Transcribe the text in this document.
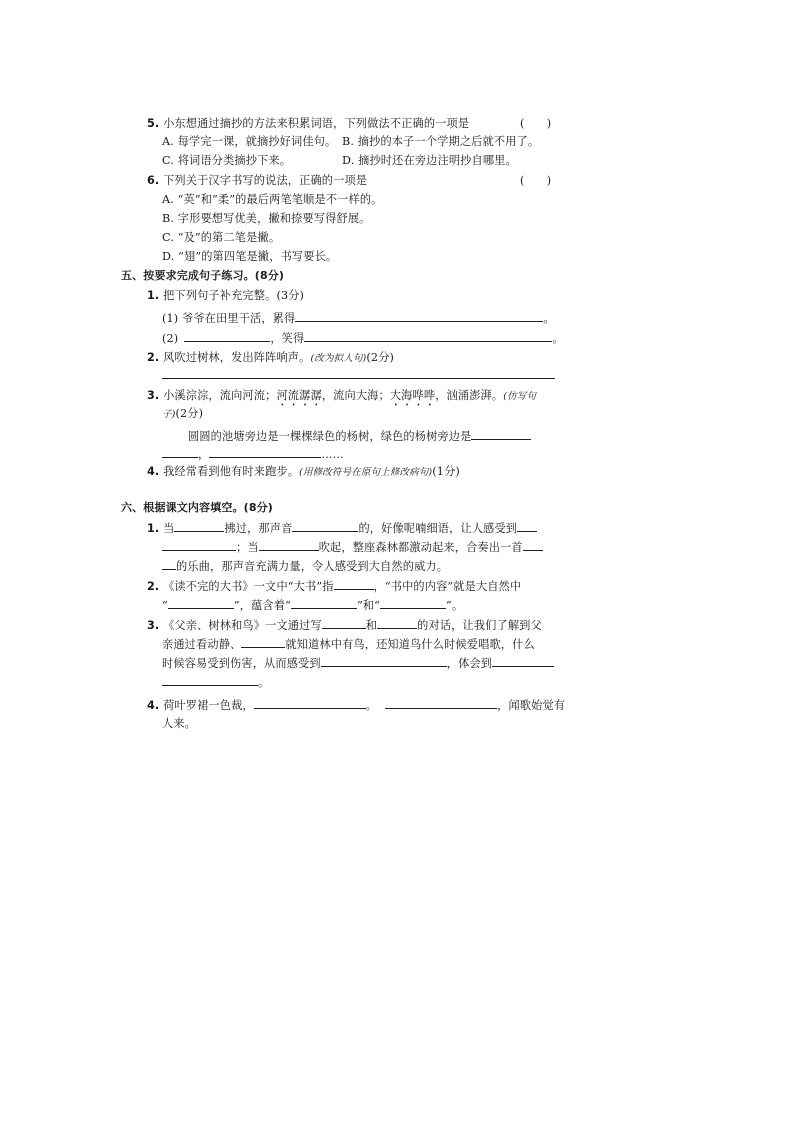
5. 小东想通过摘抄的方法来积累词语，下列做法不正确的一项是	(　　)
A. 每学完一课，就摘抄好词佳句。 B. 摘抄的本子一个学期之后就不用了。
C. 将词语分类摘抄下来。	D. 摘抄时还在旁边注明抄自哪里。
6. 下列关于汉字书写的说法，正确的一项是	(　　)
A. “英”和“柔”的最后两笔笔顺是不一样的。
B. 字形要想写优美，撇和捺要写得舒展。
C. “及”的第二笔是撇。
D. “翅”的第四笔是撇，书写要长。
五、按要求完成句子练习。(8分)
1. 把下列句子补充完整。(3分)
(1) 爷爷在田里干活，累得	。
(2)	，笑得	。
2. 风吹过树林，发出阵阵响声。(改为拟人句)(2分)
3. 小溪淙淙，流向河流；河流潺潺，流向大海；大海哗哗，汹涌澎湃。(仿写句
子)(2分)
圆圆的池塘旁边是一棵棵绿色的杨树，绿色的杨树旁边是
，	……
4. 我经常看到他有时来跑步。(用修改符号在原句上修改病句)(1分)
六、根据课文内容填空。(8分)
1. 当	拂过，那声音	的，好像呢喃细语，让人感受到
；当	吹起，整座森林都激动起来，合奏出一首
的乐曲，那声音充满力量，令人感受到大自然的威力。
2. 《读不完的大书》一文中“大书”指	，“书中的内容”就是大自然中
“	”，蕴含着“	”和“	”。
3. 《父亲、树林和鸟》一文通过写	和	的对话，让我们了解到父
亲通过看动静、	就知道林中有鸟，还知道鸟什么时候爱唱歌，什么
时候容易受到伤害，从而感受到	，体会到
。
4. 荷叶罗裙一色裁，	。	，闻歌始觉有
人来。
